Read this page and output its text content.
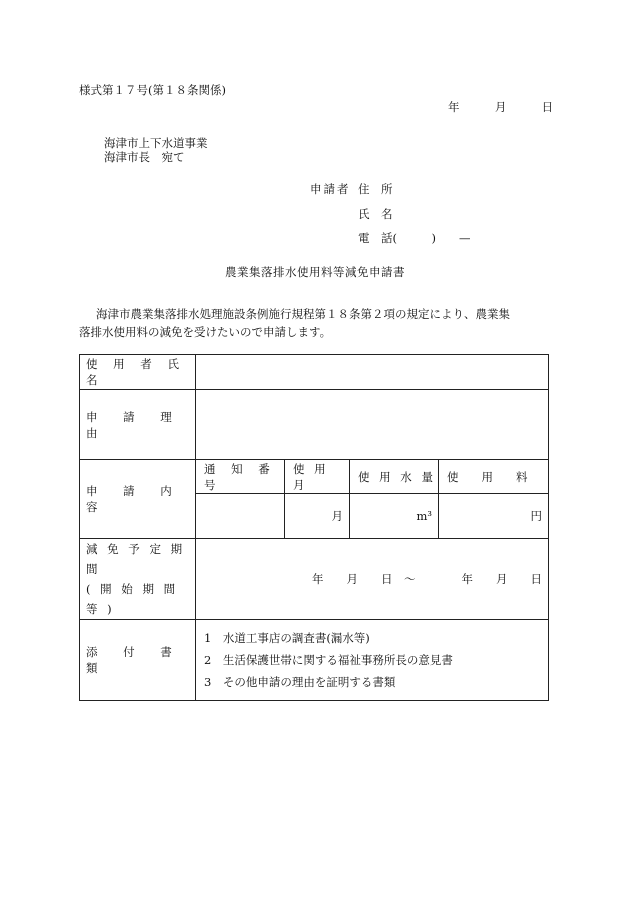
様式第１７号(第１８条関係)
年	月	日
海津市上下水道事業
海津市長　宛て
申請者 住　所
氏　名
電　話(　　　)　　—
農業集落排水使用料等減免申請書
海津市農業集落排水処理施設条例施行規程第１８条第２項の規定により、農業集
落排水使用料の減免を受けたいので申請します。
使 用 者 氏 名				
申 請 理 由				
申 請 内 容	通 知 番 号	使 用 月	使 用 水 量	使　　用　　料
		月	m³	円

減 免 予 定 期 間
( 開 始 期 間 等 )	年　　月　　日　～　　　　年　　月　　日			
添 付 書 類	1　水道工事店の調査書(漏水等)
2　生活保護世帯に関する福祉事務所長の意見書
3　その他申請の理由を証明する書類			
